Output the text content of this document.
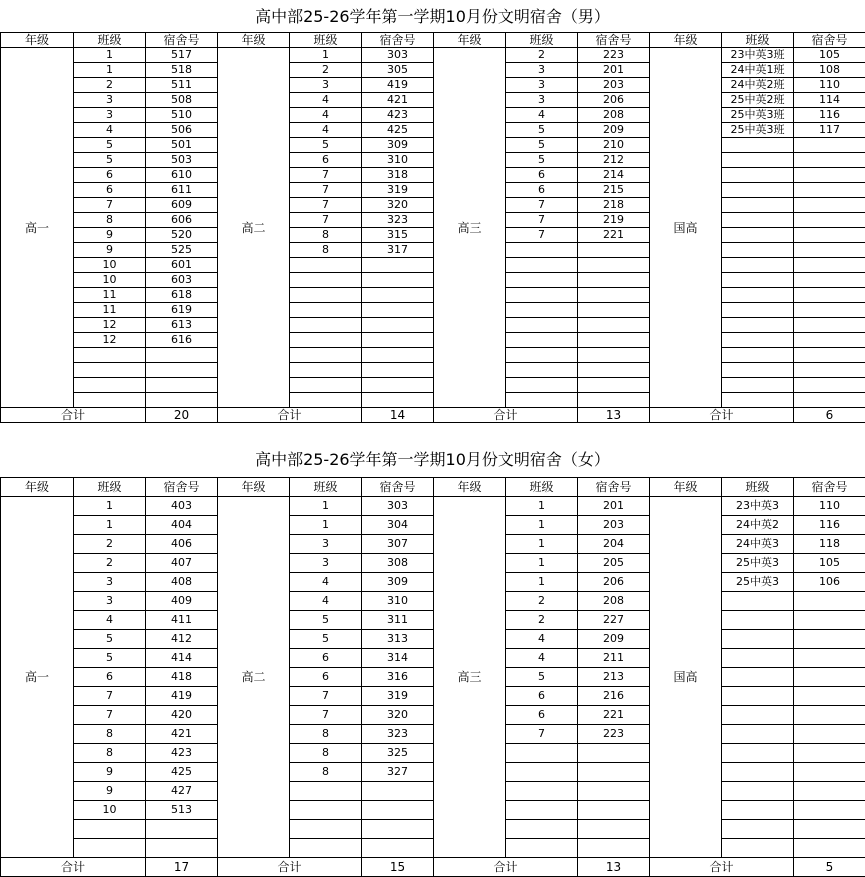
高中部25-26学年第一学期10月份文明宿舍（男）
年级	班级	宿舍号	年级	班级	宿舍号	年级	班级	宿舍号	年级	班级	宿舍号
高一	1	517	高二	1	303	高三	2	223	国高	23中英3班	105
	1	518		2	305		3	201		24中英1班	108
	2	511		3	419		3	203		24中英2班	110
	3	508		4	421		3	206		25中英2班	114
	3	510		4	423		4	208		25中英3班	116
	4	506		4	425		5	209		25中英3班	117
	5	501		5	309		5	210			
	5	503		6	310		5	212			
	6	610		7	318		6	214			
	6	611		7	319		6	215			
	7	609		7	320		7	218			
	8	606		7	323		7	219			
	9	520		8	315		7	221			
	9	525		8	317						
	10	601									
	10	603									
	11	618									
	11	619									
	12	613									
	12	616									

合计		20	合计		14	合计		13	合计		6
高中部25-26学年第一学期10月份文明宿舍（女）
年级	班级	宿舍号	年级	班级	宿舍号	年级	班级	宿舍号	年级	班级	宿舍号
高一	1	403	高二	1	303	高三	1	201	国高	23中英3	110
	1	404		1	304		1	203		24中英2	116
	2	406		3	307		1	204		24中英3	118
	2	407		3	308		1	205		25中英3	105
	3	408		4	309		1	206		25中英3	106
	3	409		4	310		2	208			
	4	411		5	311		2	227			
	5	412		5	313		4	209			
	5	414		6	314		4	211			
	6	418		6	316		5	213			
	7	419		7	319		6	216			
	7	420		7	320		6	221			
	8	421		8	323		7	223			
	8	423		8	325						
	9	425		8	327						
	9	427									
	10	513									

合计		17	合计		15	合计		13	合计		5
